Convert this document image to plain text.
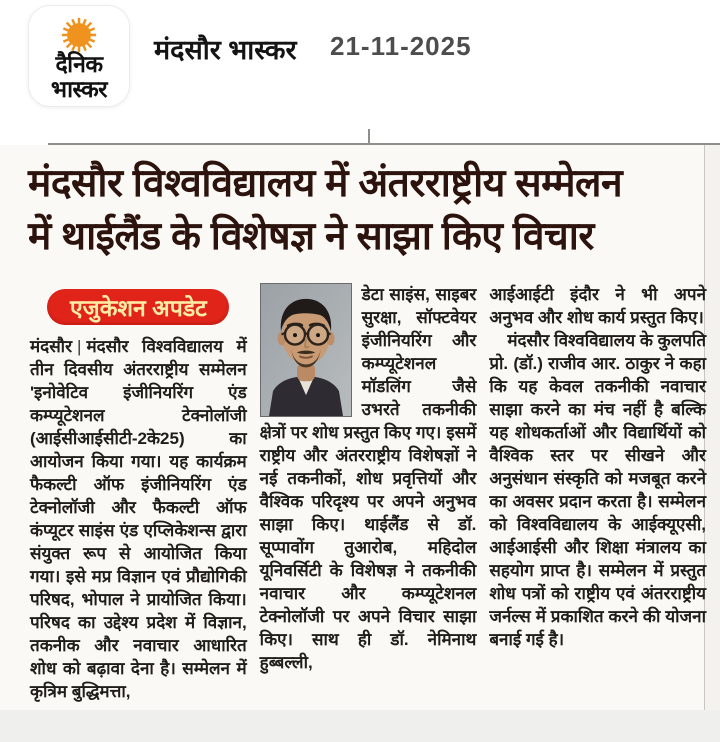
दैनिक
भास्कर
मंदसौर भास्कर 21-11-2025
मंदसौर विश्वविद्यालय में अंतरराष्ट्रीय सम्मेलन
में थाईलैंड के विशेषज्ञ ने साझा किए विचार
एजुकेशन अपडेट

मंदसौर | मंदसौर विश्वविद्यालय में तीन दिवसीय अंतरराष्ट्रीय सम्मेलन 'इनोवेटिव इंजीनियरिंग एंड कम्प्यूटेशनल टेक्नोलॉजी (आईसीआईसीटी-2के25) का आयोजन किया गया। यह कार्यक्रम फैकल्टी ऑफ इंजीनियरिंग एंड टेक्नोलॉजी और फैकल्टी ऑफ कंप्यूटर साइंस एंड एप्लिकेशन्स द्वारा संयुक्त रूप से आयोजित किया गया। इसे मप्र विज्ञान एवं प्रौद्योगिकी परिषद, भोपाल ने प्रायोजित किया। परिषद का उद्देश्य प्रदेश में विज्ञान, तकनीक और नवाचार आधारित शोध को बढ़ावा देना है। सम्मेलन में कृत्रिम बुद्धिमत्ता,

डेटा साइंस, साइबर सुरक्षा, सॉफ्टवेयर इंजीनियरिंग और कम्प्यूटेशनल मॉडलिंग जैसे उभरते तकनीकी क्षेत्रों पर शोध प्रस्तुत किए गए। इसमें राष्ट्रीय और अंतरराष्ट्रीय विशेषज्ञों ने नई तकनीकों, शोध प्रवृत्तियों और वैश्विक परिदृश्य पर अपने अनुभव साझा किए। थाईलैंड से डॉ. सूप्पावोंग तुआरोब, महिदोल यूनिवर्सिटी के विशेषज्ञ ने तकनीकी नवाचार और कम्प्यूटेशनल टेक्नोलॉजी पर अपने विचार साझा किए। साथ ही डॉ. नेमिनाथ हुब्बल्ली,

आईआईटी इंदौर ने भी अपने अनुभव और शोध कार्य प्रस्तुत किए।

मंदसौर विश्वविद्यालय के कुलपति प्रो. (डॉ.) राजीव आर. ठाकुर ने कहा कि यह केवल तकनीकी नवाचार साझा करने का मंच नहीं है बल्कि यह शोधकर्ताओं और विद्यार्थियों को वैश्विक स्तर पर सीखने और अनुसंधान संस्कृति को मजबूत करने का अवसर प्रदान करता है। सम्मेलन को विश्वविद्यालय के आईक्यूएसी, आईआईसी और शिक्षा मंत्रालय का सहयोग प्राप्त है। सम्मेलन में प्रस्तुत शोध पत्रों को राष्ट्रीय एवं अंतरराष्ट्रीय जर्नल्स में प्रकाशित करने की योजना बनाई गई है।
